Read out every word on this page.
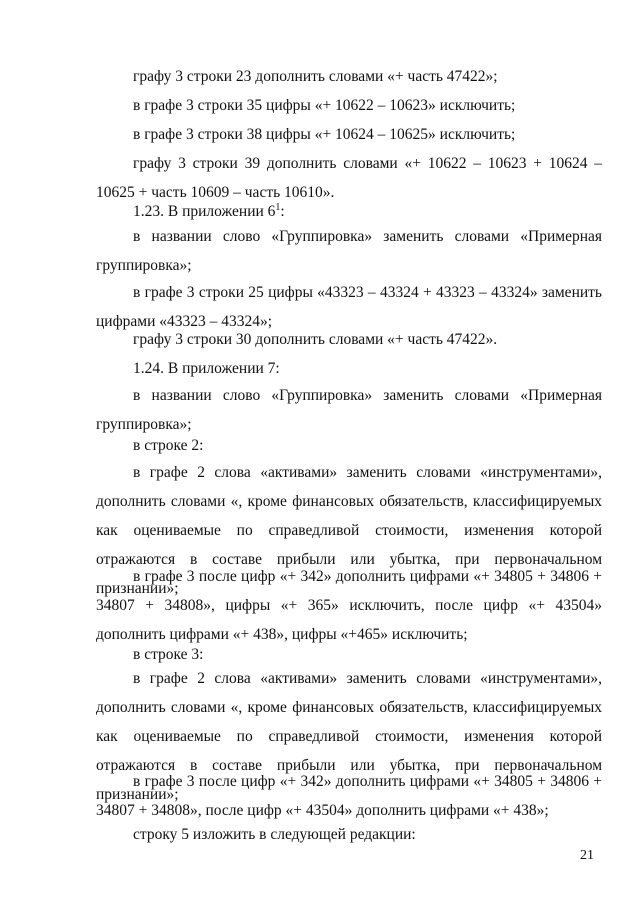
графу 3 строки 23 дополнить словами «+ часть 47422»;

в графе 3 строки 35 цифры «+ 10622 – 10623» исключить;

в графе 3 строки 38 цифры «+ 10624 – 10625» исключить;

графу 3 строки 39 дополнить словами «+ 10622 – 10623 + 10624 – 10625 + часть 10609 – часть 10610».

1.23. В приложении $6^1$:

в названии слово «Группировка» заменить словами «Примерная группировка»;

в графе 3 строки 25 цифры «43323 – 43324 + 43323 – 43324» заменить цифрами «43323 – 43324»;

графу 3 строки 30 дополнить словами «+ часть 47422».

1.24. В приложении 7:

в названии слово «Группировка» заменить словами «Примерная группировка»;

в строке 2:

в графе 2 слова «активами» заменить словами «инструментами», дополнить словами «, кроме финансовых обязательств, классифицируемых как оцениваемые по справедливой стоимости, изменения которой отражаются в составе прибыли или убытка, при первоначальном признании»;

в графе 3 после цифр «+ 342» дополнить цифрами «+ 34805 + 34806 + 34807 + 34808», цифры «+ 365» исключить, после цифр «+ 43504» дополнить цифрами «+ 438», цифры «+465» исключить;

в строке 3:

в графе 2 слова «активами» заменить словами «инструментами», дополнить словами «, кроме финансовых обязательств, классифицируемых как оцениваемые по справедливой стоимости, изменения которой отражаются в составе прибыли или убытка, при первоначальном признании»;

в графе 3 после цифр «+ 342» дополнить цифрами «+ 34805 + 34806 + 34807 + 34808», после цифр «+ 43504» дополнить цифрами «+ 438»;

строку 5 изложить в следующей редакции:

21
